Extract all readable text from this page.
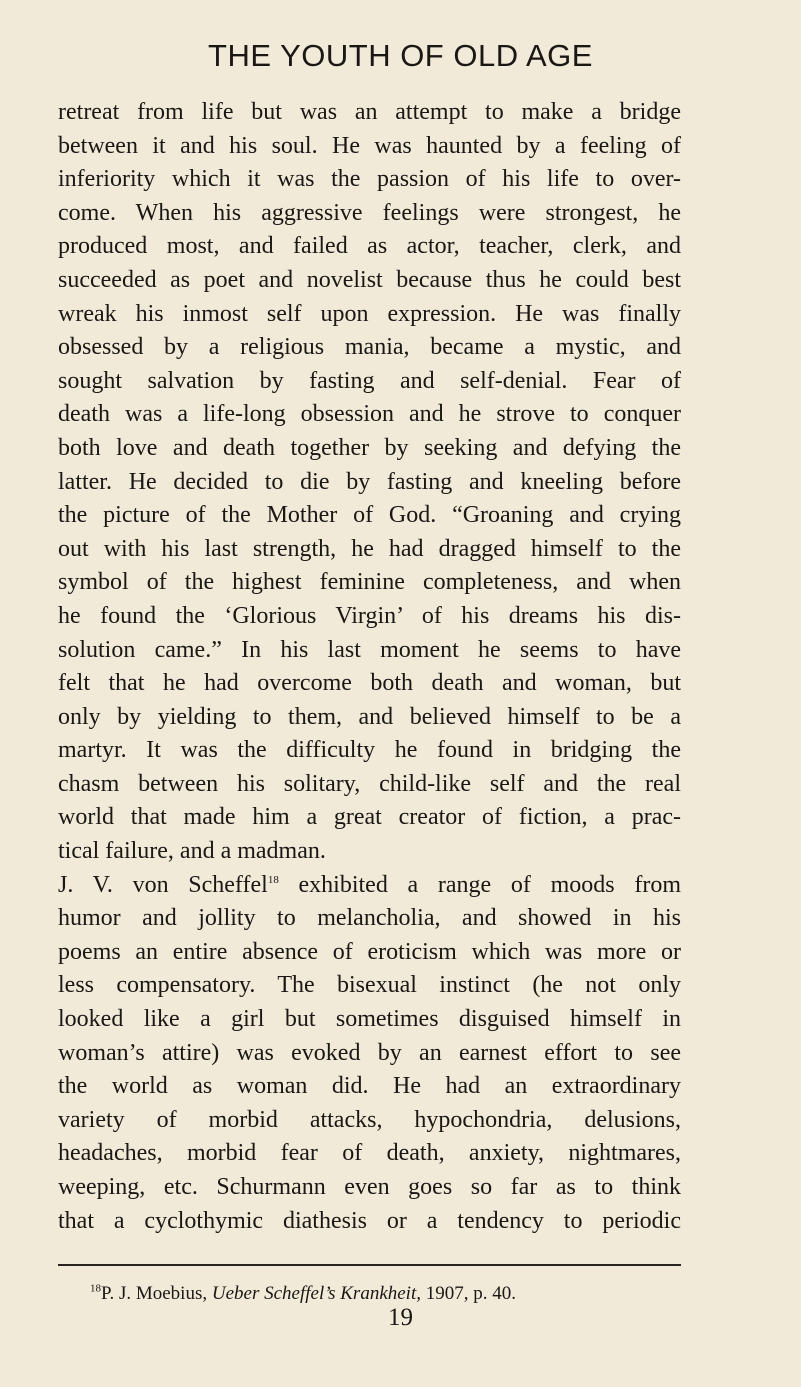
THE YOUTH OF OLD AGE
retreat from life but was an attempt to make a bridge
between it and his soul. He was haunted by a feeling of
inferiority which it was the passion of his life to over-
come. When his aggressive feelings were strongest, he
produced most, and failed as actor, teacher, clerk, and
succeeded as poet and novelist because thus he could best
wreak his inmost self upon expression. He was finally
obsessed by a religious mania, became a mystic, and
sought salvation by fasting and self-denial. Fear of
death was a life-long obsession and he strove to conquer
both love and death together by seeking and defying the
latter. He decided to die by fasting and kneeling before
the picture of the Mother of God. “Groaning and crying
out with his last strength, he had dragged himself to the
symbol of the highest feminine completeness, and when
he found the ‘Glorious Virgin’ of his dreams his dis-
solution came.” In his last moment he seems to have
felt that he had overcome both death and woman, but
only by yielding to them, and believed himself to be a
martyr. It was the difficulty he found in bridging the
chasm between his solitary, child-like self and the real
world that made him a great creator of fiction, a prac-
tical failure, and a madman.
J. V. von Scheffel$^{18}$ exhibited a range of moods from
humor and jollity to melancholia, and showed in his
poems an entire absence of eroticism which was more or
less compensatory. The bisexual instinct (he not only
looked like a girl but sometimes disguised himself in
woman’s attire) was evoked by an earnest effort to see
the world as woman did. He had an extraordinary
variety of morbid attacks, hypochondria, delusions,
headaches, morbid fear of death, anxiety, nightmares,
weeping, etc. Schurmann even goes so far as to think
that a cyclothymic diathesis or a tendency to periodic
$^{18}$P. J. Moebius, Ueber Scheffel’s Krankheit, 1907, p. 40.
19
